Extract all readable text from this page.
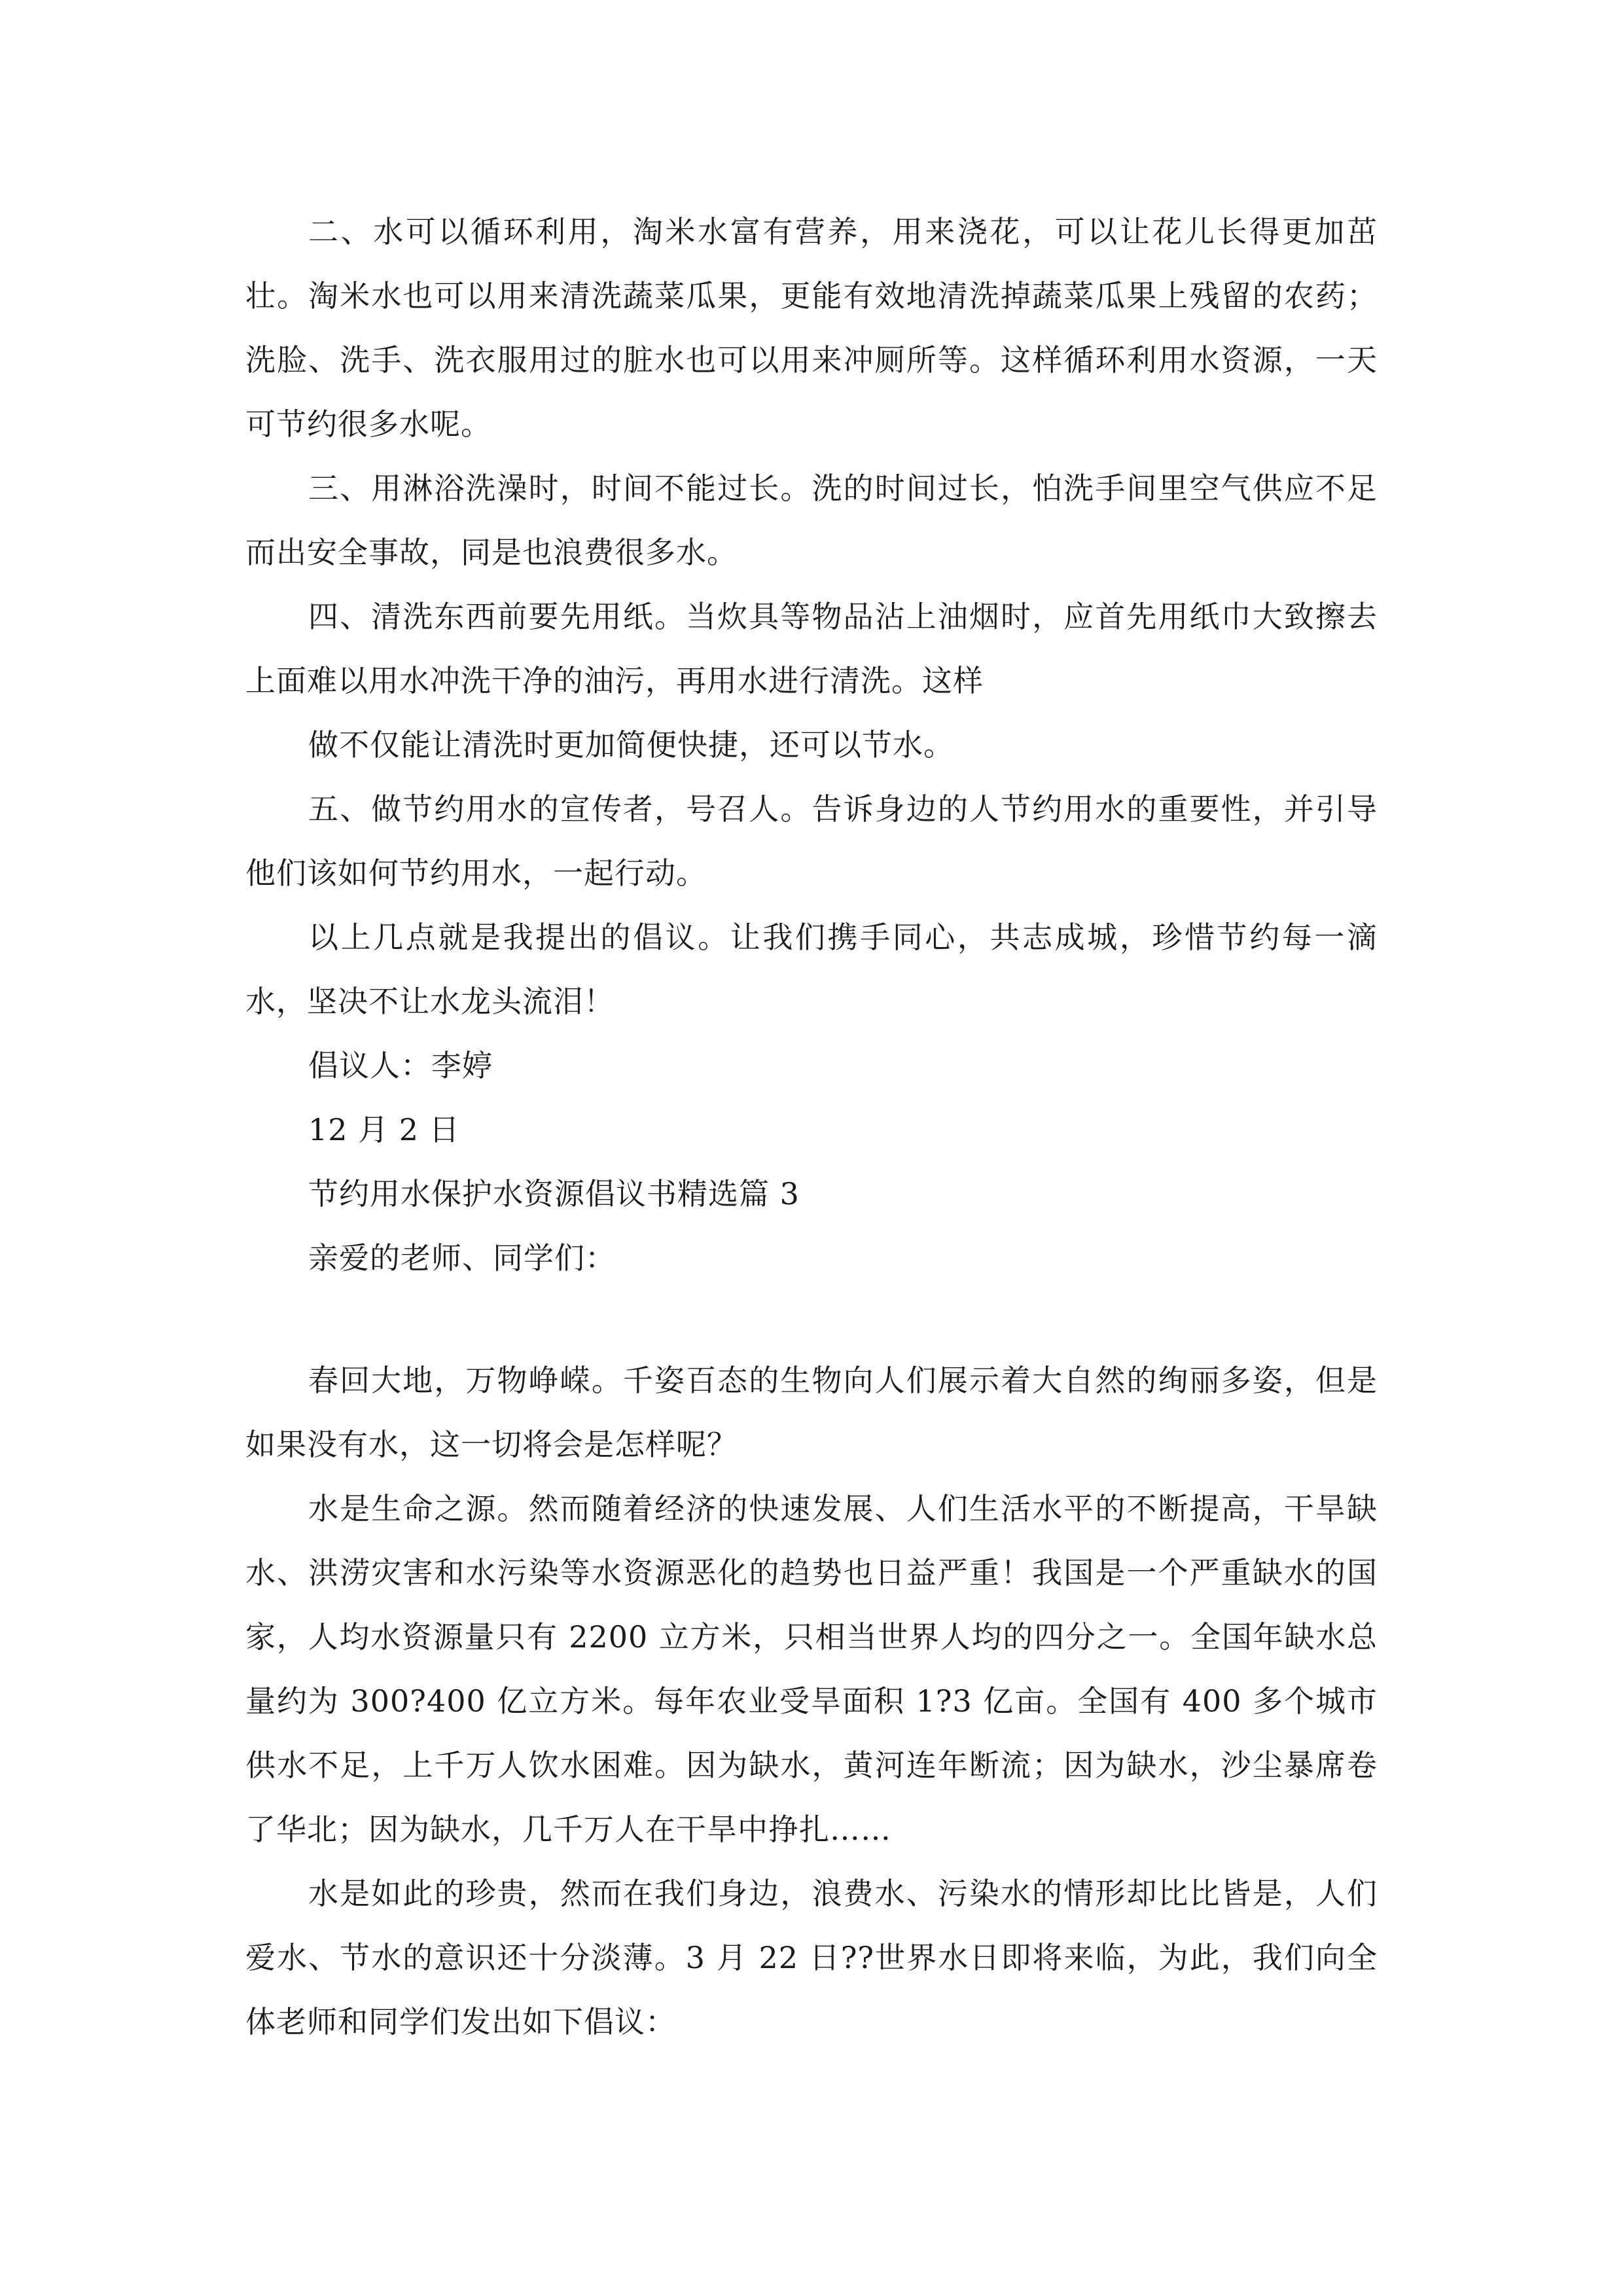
二、水可以循环利用，淘米水富有营养，用来浇花，可以让花儿长得更加茁壮。淘米水也可以用来清洗蔬菜瓜果，更能有效地清洗掉蔬菜瓜果上残留的农药；洗脸、洗手、洗衣服用过的脏水也可以用来冲厕所等。这样循环利用水资源，一天可节约很多水呢。

三、用淋浴洗澡时，时间不能过长。洗的时间过长，怕洗手间里空气供应不足而出安全事故，同是也浪费很多水。

四、清洗东西前要先用纸。当炊具等物品沾上油烟时，应首先用纸巾大致擦去上面难以用水冲洗干净的油污，再用水进行清洗。这样

做不仅能让清洗时更加简便快捷，还可以节水。

五、做节约用水的宣传者，号召人。告诉身边的人节约用水的重要性，并引导他们该如何节约用水，一起行动。

以上几点就是我提出的倡议。让我们携手同心，共志成城，珍惜节约每一滴水，坚决不让水龙头流泪！

倡议人：李婷

12 月 2 日

节约用水保护水资源倡议书精选篇 3

亲爱的老师、同学们：

春回大地，万物峥嵘。千姿百态的生物向人们展示着大自然的绚丽多姿，但是如果没有水，这一切将会是怎样呢？

水是生命之源。然而随着经济的快速发展、人们生活水平的不断提高，干旱缺水、洪涝灾害和水污染等水资源恶化的趋势也日益严重！我国是一个严重缺水的国家，人均水资源量只有 2200 立方米，只相当世界人均的四分之一。全国年缺水总量约为 300?400 亿立方米。每年农业受旱面积 1?3 亿亩。全国有 400 多个城市供水不足，上千万人饮水困难。因为缺水，黄河连年断流；因为缺水，沙尘暴席卷了华北；因为缺水，几千万人在干旱中挣扎……

水是如此的珍贵，然而在我们身边，浪费水、污染水的情形却比比皆是，人们爱水、节水的意识还十分淡薄。3 月 22 日??世界水日即将来临，为此，我们向全体老师和同学们发出如下倡议：
